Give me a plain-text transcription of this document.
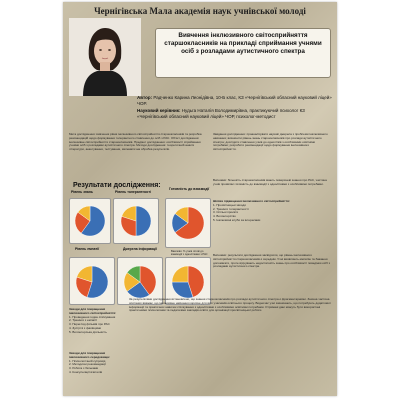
Чернігівська Мала академія наук учнівської молоді
Вивчення інклюзивного світосприйняття старшокласників на прикладі сприймання учнями осіб з розладами аутистичного спектра
Автор: Радченко Карина Леонідівна, 10-Б клас, КЗ «Чернігівський обласний науковий ліцей» ЧОР.
Науковий керівник: Нудьга Наталія Володимирівна, практикуючий психолог КЗ «Чернігівський обласний науковий ліцей» ЧОР, психолог-методист
Мета дослідження: вивчення рівня інклюзивного світосприйняття старшокласників та розробка рекомендацій щодо формування толерантного ставлення до осіб з РАС. Об'єкт дослідження: інклюзивне світосприйняття старшокласників. Предмет дослідження: особливості сприймання учнями осіб з розладами аутистичного спектра. Методи дослідження: теоретичний аналіз літератури, анкетування, тестування, математична обробка результатів.
Завдання дослідження: проаналізувати наукові джерела з проблеми інклюзивного навчання; визначити рівень знань старшокласників про розлади аутистичного спектра; дослідити ставлення учнів до однолітків з особливими освітніми потребами; розробити рекомендації щодо формування інклюзивного світосприйняття.
Висновки: більшість старшокласників мають поверхневі знання про РАС, частина учнів проявляє готовність до взаємодії з однолітками з особливими потребами.
Шляхи підвищення інклюзивного світосприйняття:
1. Просвітницькі заходи
2. Тренінги толерантності
3. Спільні проєкти
4. Волонтерство
5. Інклюзивні клуби за інтересами
Результати дослідження:
Рівень знань	Рівень толерантності
Готовність до взаємодії
Рівень емпатії	Джерела інформації
Важливо: % учнів готові до взаємодії з однолітками з РАС	Висновки: результати дослідження засвідчили, що рівень інклюзивного світосприйняття старшокласників є середнім. Учні виявляють емпатію та бажання допомагати, проте відчувають недостатність знань про особливості поведінки осіб з розладами аутистичного спектра.
За результатами дослідження встановлено, що знання старшокласників про розлади аутистичного спектра є фрагментарними. Значна частина опитаних вважає, що інклюзивне навчання корисне для всіх учасників освітнього процесу. Водночас учні зазначають, що потребують додаткової інформації та практичних навичок спілкування з однолітками з особливими освітніми потребами. Отримані дані можуть бути використані практичними психологами та педагогами закладів освіти для організації просвітницької роботи.
Заходи для покращення інклюзивного світосприйняття:
1. Проведення годин спілкування
2. Тренінги з емпатії
3. Перегляд фільмів про РАС
4. Зустрічі з фахівцями
5. Волонтерська діяльність
Заходи для покращення інклюзивного середовища:
1. Психологічний супровід
2. Методичні рекомендації
3. Робота з батьками
4. Консультації вчителів
